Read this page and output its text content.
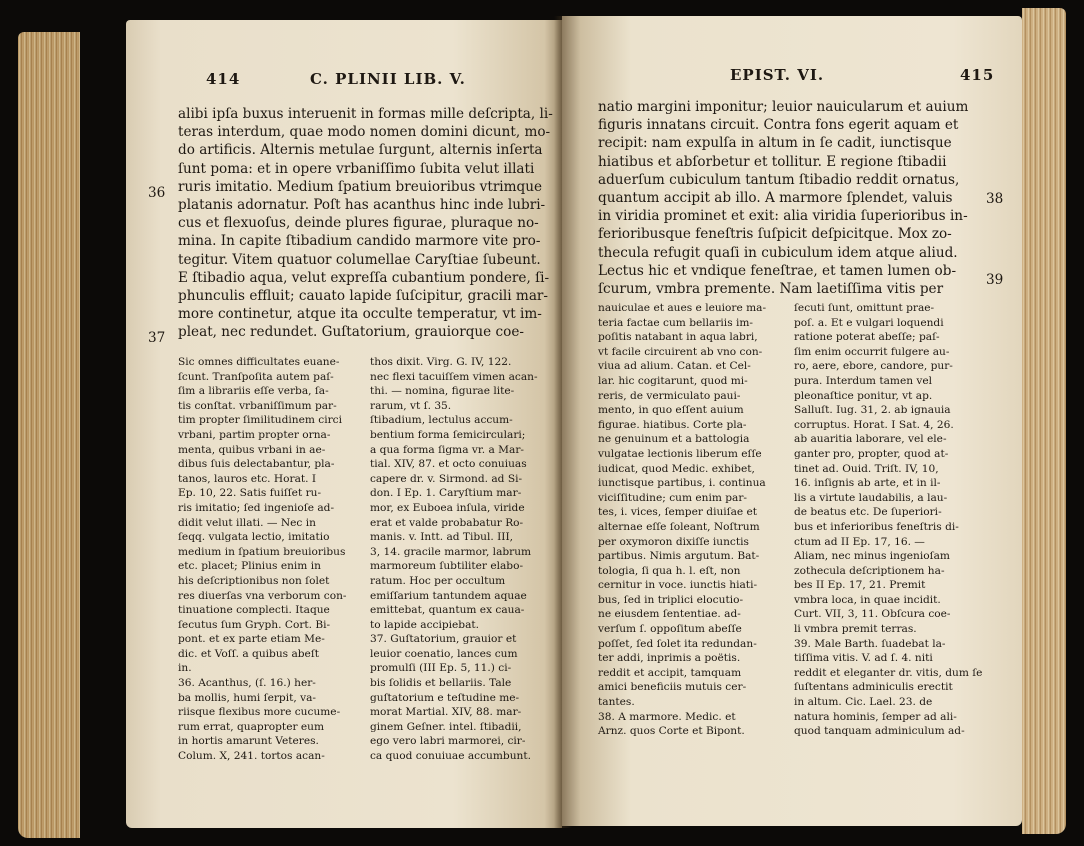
414	C. PLINII LIB. V.
36
37
alibi ipſa buxus interuenit in formas mille deſcripta, li-
teras interdum, quae modo nomen domini dicunt, mo-
do artificis. Alternis metulae ſurgunt, alternis inſerta
ſunt poma: et in opere vrbaniſſimo ſubita velut illati
ruris imitatio. Medium ſpatium breuioribus vtrimque
platanis adornatur. Poſt has acanthus hinc inde lubri-
cus et flexuoſus, deinde plures figurae, pluraque no-
mina. In capite ſtibadium candido marmore vite pro-
tegitur. Vitem quatuor columellae Caryſtiae ſubeunt.
E ſtibadio aqua, velut expreſſa cubantium pondere, ſi-
phunculis effluit; cauato lapide ſuſcipitur, gracili mar-
more continetur, atque ita occulte temperatur, vt im-
pleat, nec redundet. Guſtatorium, grauiorque coe-
Sic omnes difficultates euane-
ſcunt. Tranſpoſita autem paſ-
ſim a librariis eſſe verba, ſa-
tis conſtat. vrbaniſſimum par-
tim propter ſimilitudinem circi
vrbani, partim propter orna-
menta, quibus vrbani in ae-
dibus ſuis delectabantur, pla-
tanos, lauros etc. Horat. I
Ep. 10, 22. Satis fuiſſet ru-
ris imitatio; ſed ingenioſe ad-
didit velut illati. — Nec in
ſeqq. vulgata lectio, imitatio
medium in ſpatium breuioribus
etc. placet; Plinius enim in
his deſcriptionibus non ſolet
res diuerſas vna verborum con-
tinuatione complecti. Itaque
ſecutus ſum Gryph. Cort. Bi-
pont. et ex parte etiam Me-
dic. et Voſſ. a quibus abeſt
in.
36. Acanthus, (ſ. 16.) her-
ba mollis, humi ſerpit, va-
riisque flexibus more cucume-
rum errat, quapropter eum
in hortis amarunt Veteres.
Colum. X, 241. tortos acan-
thos dixit. Virg. G. IV, 122.
nec flexi tacuiſſem vimen acan-
thi. — nomina, figurae lite-
rarum, vt ſ. 35.
ſtibadium, lectulus accum-
bentium forma ſemicirculari;
a qua forma ſigma vr. a Mar-
tial. XIV, 87. et octo conuiuas
capere dr. v. Sirmond. ad Si-
don. I Ep. 1. Caryſtium mar-
mor, ex Euboea inſula, viride
erat et valde probabatur Ro-
manis. v. Intt. ad Tibul. III,
3, 14. gracile marmor, labrum
marmoreum ſubtiliter elabo-
ratum. Hoc per occultum
emiſſarium tantundem aquae
emittebat, quantum ex caua-
to lapide accipiebat.
37. Guſtatorium, grauior et
leuior coenatio, lances cum
promulſi (III Ep. 5, 11.) ci-
bis ſolidis et bellariis. Tale
guſtatorium e teſtudine me-
morat Martial. XIV, 88. mar-
ginem Geſner. intel. ſtibadii,
ego vero labri marmorei, cir-
ca quod conuiuae accumbunt.
EPIST. VI.	415
38
39
natio margini imponitur; leuior nauicularum et auium
figuris innatans circuit. Contra fons egerit aquam et
recipit: nam expulſa in altum in ſe cadit, iunctisque
hiatibus et abſorbetur et tollitur. E regione ſtibadii
aduerſum cubiculum tantum ſtibadio reddit ornatus,
quantum accipit ab illo. A marmore ſplendet, valuis
in viridia prominet et exit: alia viridia ſuperioribus in-
ferioribusque feneſtris ſuſpicit deſpicitque. Mox zo-
thecula refugit quaſi in cubiculum idem atque aliud.
Lectus hic et vndique feneſtrae, et tamen lumen ob-
ſcurum, vmbra premente. Nam laetiſſima vitis per
nauiculae et aues e leuiore ma-
teria factae cum bellariis im-
poſitis natabant in aqua labri,
vt facile circuirent ab vno con-
viua ad alium. Catan. et Cel-
lar. hic cogitarunt, quod mi-
reris, de vermiculato paui-
mento, in quo eſſent auium
figurae. hiatibus. Corte pla-
ne genuinum et a battologia
vulgatae lectionis liberum eſſe
iudicat, quod Medic. exhibet,
iunctisque partibus, i. continua
viciſſitudine; cum enim par-
tes, i. vices, ſemper diuiſae et
alternae eſſe ſoleant, Noſtrum
per oxymoron dixiſſe iunctis
partibus. Nimis argutum. Bat-
tologia, ſi qua h. l. eſt, non
cernitur in voce. iunctis hiati-
bus, ſed in triplici elocutio-
ne eiusdem ſententiae. ad-
verſum ſ. oppoſitum abeſſe
poſſet, ſed ſolet ita redundan-
ter addi, inprimis a poëtis.
reddit et accipit, tamquam
amici beneficiis mutuis cer-
tantes.
38. A marmore. Medic. et
Arnz. quos Corte et Bipont.
ſecuti ſunt, omittunt prae-
poſ. a. Et e vulgari loquendi
ratione poterat abeſſe; paſ-
ſim enim occurrit fulgere au-
ro, aere, ebore, candore, pur-
pura. Interdum tamen vel
pleonaſtice ponitur, vt ap.
Salluſt. Iug. 31, 2. ab ignauia
corruptus. Horat. I Sat. 4, 26.
ab auaritia laborare, vel ele-
ganter pro, propter, quod at-
tinet ad. Ouid. Triſt. IV, 10,
16. inſignis ab arte, et in il-
lis a virtute laudabilis, a lau-
de beatus etc. De ſuperiori-
bus et inferioribus feneſtris di-
ctum ad II Ep. 17, 16. —
Aliam, nec minus ingenioſam
zothecula deſcriptionem ha-
bes II Ep. 17, 21. Premit
vmbra loca, in quae incidit.
Curt. VII, 3, 11. Obſcura coe-
li vmbra premit terras.
39. Male Barth. ſuadebat la-
tiſſima vitis. V. ad ſ. 4. niti
reddit et eleganter dr. vitis, dum ſe
ſuſtentans adminiculis erectit
in altum. Cic. Lael. 23. de
natura hominis, ſemper ad ali-
quod tanquam adminiculum ad-
